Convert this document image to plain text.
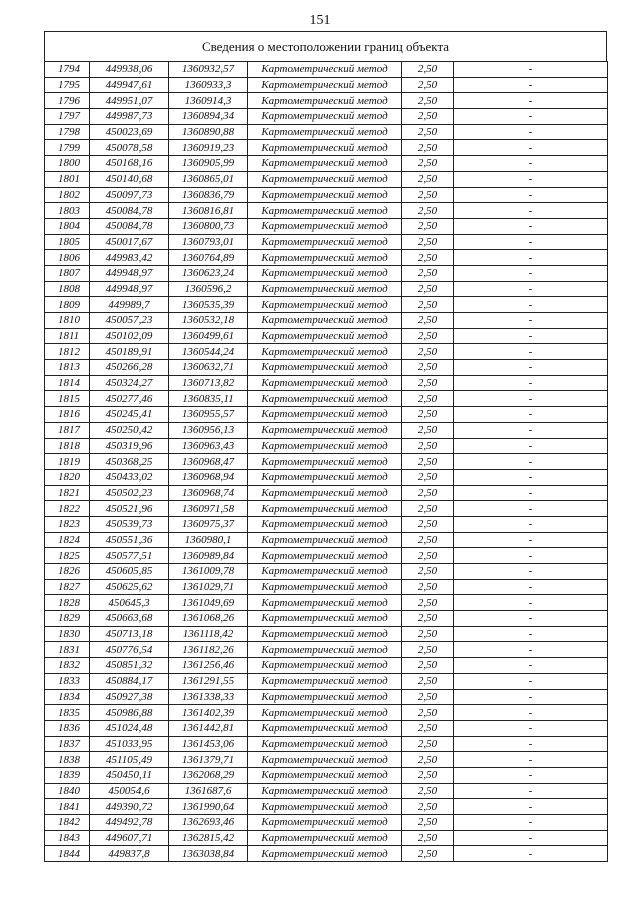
151
Сведения о местоположении границ объекта
1794	449938,06	1360932,57	Картометрический метод	2,50	-
1795	449947,61	1360933,3	Картометрический метод	2,50	-
1796	449951,07	1360914,3	Картометрический метод	2,50	-
1797	449987,73	1360894,34	Картометрический метод	2,50	-
1798	450023,69	1360890,88	Картометрический метод	2,50	-
1799	450078,58	1360919,23	Картометрический метод	2,50	-
1800	450168,16	1360905,99	Картометрический метод	2,50	-
1801	450140,68	1360865,01	Картометрический метод	2,50	-
1802	450097,73	1360836,79	Картометрический метод	2,50	-
1803	450084,78	1360816,81	Картометрический метод	2,50	-
1804	450084,78	1360800,73	Картометрический метод	2,50	-
1805	450017,67	1360793,01	Картометрический метод	2,50	-
1806	449983,42	1360764,89	Картометрический метод	2,50	-
1807	449948,97	1360623,24	Картометрический метод	2,50	-
1808	449948,97	1360596,2	Картометрический метод	2,50	-
1809	449989,7	1360535,39	Картометрический метод	2,50	-
1810	450057,23	1360532,18	Картометрический метод	2,50	-
1811	450102,09	1360499,61	Картометрический метод	2,50	-
1812	450189,91	1360544,24	Картометрический метод	2,50	-
1813	450266,28	1360632,71	Картометрический метод	2,50	-
1814	450324,27	1360713,82	Картометрический метод	2,50	-
1815	450277,46	1360835,11	Картометрический метод	2,50	-
1816	450245,41	1360955,57	Картометрический метод	2,50	-
1817	450250,42	1360956,13	Картометрический метод	2,50	-
1818	450319,96	1360963,43	Картометрический метод	2,50	-
1819	450368,25	1360968,47	Картометрический метод	2,50	-
1820	450433,02	1360968,94	Картометрический метод	2,50	-
1821	450502,23	1360968,74	Картометрический метод	2,50	-
1822	450521,96	1360971,58	Картометрический метод	2,50	-
1823	450539,73	1360975,37	Картометрический метод	2,50	-
1824	450551,36	1360980,1	Картометрический метод	2,50	-
1825	450577,51	1360989,84	Картометрический метод	2,50	-
1826	450605,85	1361009,78	Картометрический метод	2,50	-
1827	450625,62	1361029,71	Картометрический метод	2,50	-
1828	450645,3	1361049,69	Картометрический метод	2,50	-
1829	450663,68	1361068,26	Картометрический метод	2,50	-
1830	450713,18	1361118,42	Картометрический метод	2,50	-
1831	450776,54	1361182,26	Картометрический метод	2,50	-
1832	450851,32	1361256,46	Картометрический метод	2,50	-
1833	450884,17	1361291,55	Картометрический метод	2,50	-
1834	450927,38	1361338,33	Картометрический метод	2,50	-
1835	450986,88	1361402,39	Картометрический метод	2,50	-
1836	451024,48	1361442,81	Картометрический метод	2,50	-
1837	451033,95	1361453,06	Картометрический метод	2,50	-
1838	451105,49	1361379,71	Картометрический метод	2,50	-
1839	450450,11	1362068,29	Картометрический метод	2,50	-
1840	450054,6	1361687,6	Картометрический метод	2,50	-
1841	449390,72	1361990,64	Картометрический метод	2,50	-
1842	449492,78	1362693,46	Картометрический метод	2,50	-
1843	449607,71	1362815,42	Картометрический метод	2,50	-
1844	449837,8	1363038,84	Картометрический метод	2,50	-
